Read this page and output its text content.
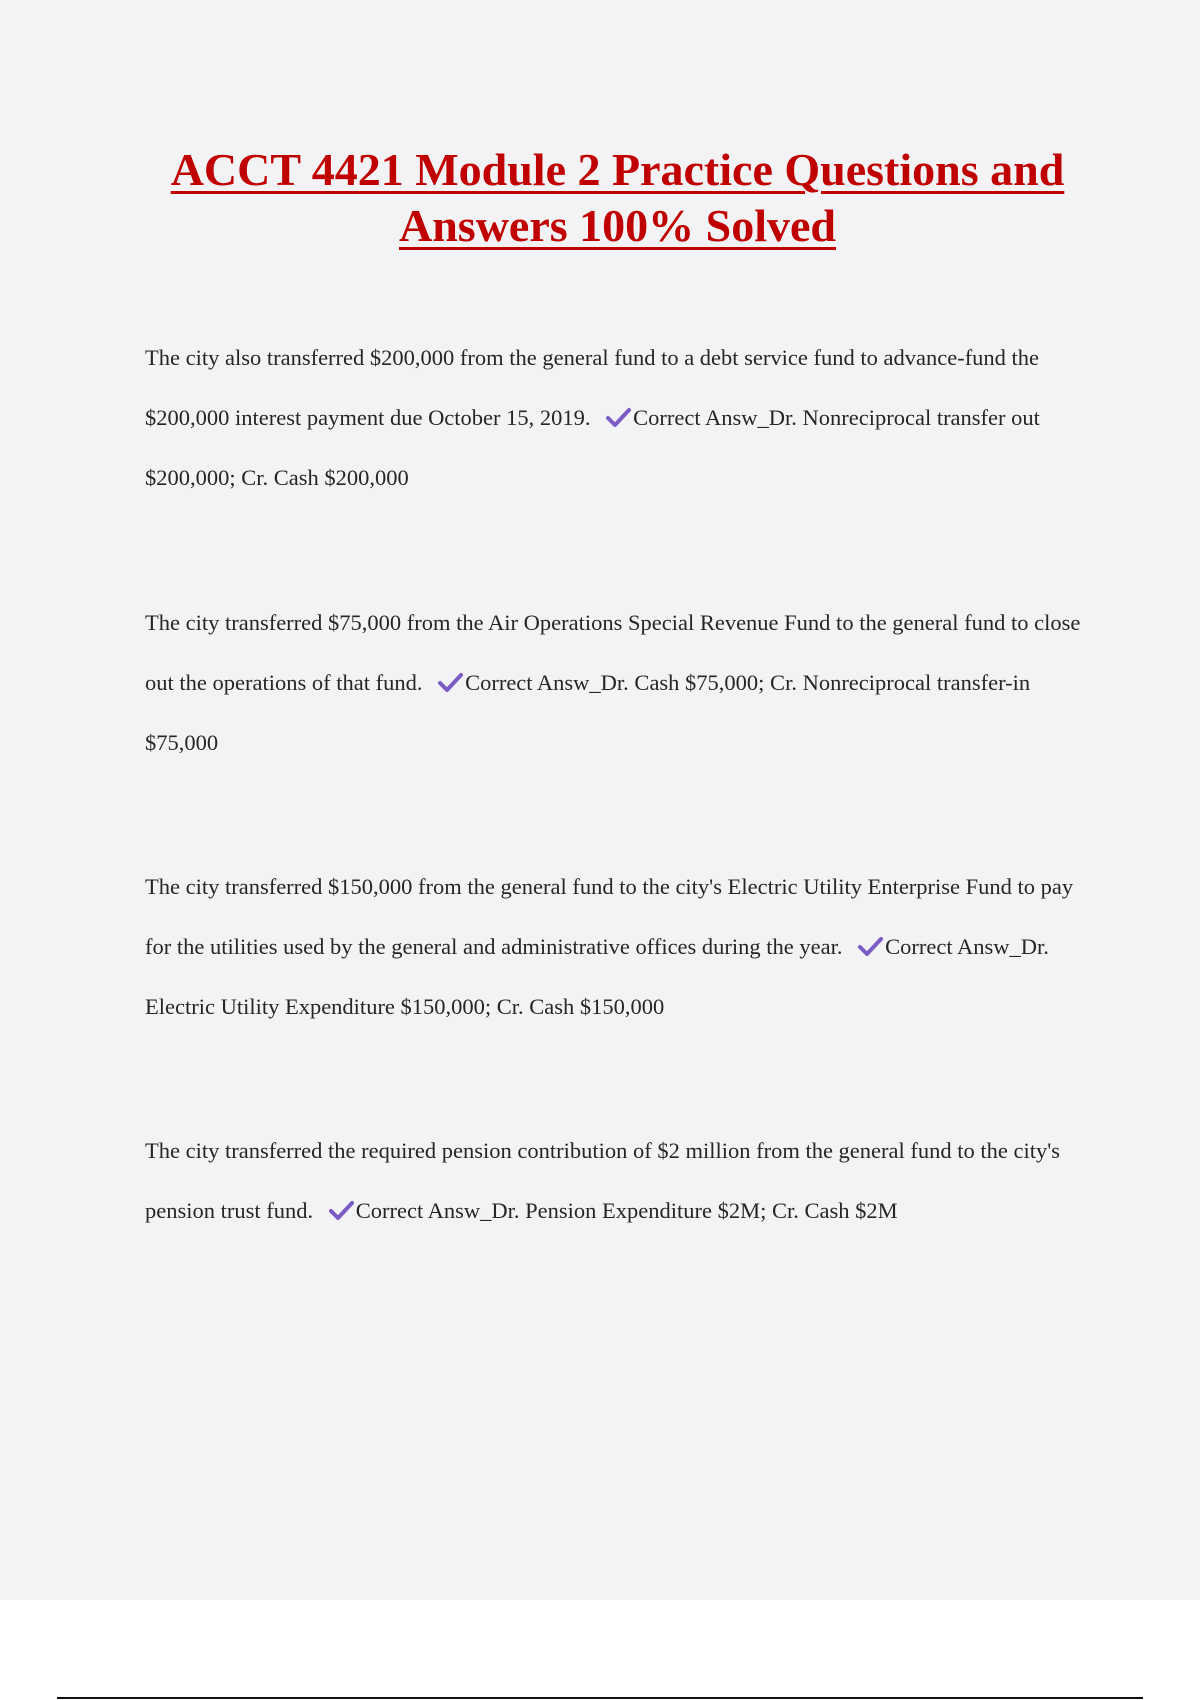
ACCT 4421 Module 2 Practice Questions and Answers 100% Solved

The city also transferred $200,000 from the general fund to a debt service fund to advance-fund the $200,000 interest payment due October 15, 2019. Correct Answ_Dr. Nonreciprocal transfer out $200,000; Cr. Cash $200,000

The city transferred $75,000 from the Air Operations Special Revenue Fund to the general fund to close out the operations of that fund. Correct Answ_Dr. Cash $75,000; Cr. Nonreciprocal transfer-in $75,000

The city transferred $150,000 from the general fund to the city's Electric Utility Enterprise Fund to pay for the utilities used by the general and administrative offices during the year. Correct Answ_Dr. Electric Utility Expenditure $150,000; Cr. Cash $150,000

The city transferred the required pension contribution of $2 million from the general fund to the city's pension trust fund. Correct Answ_Dr. Pension Expenditure $2M; Cr. Cash $2M
